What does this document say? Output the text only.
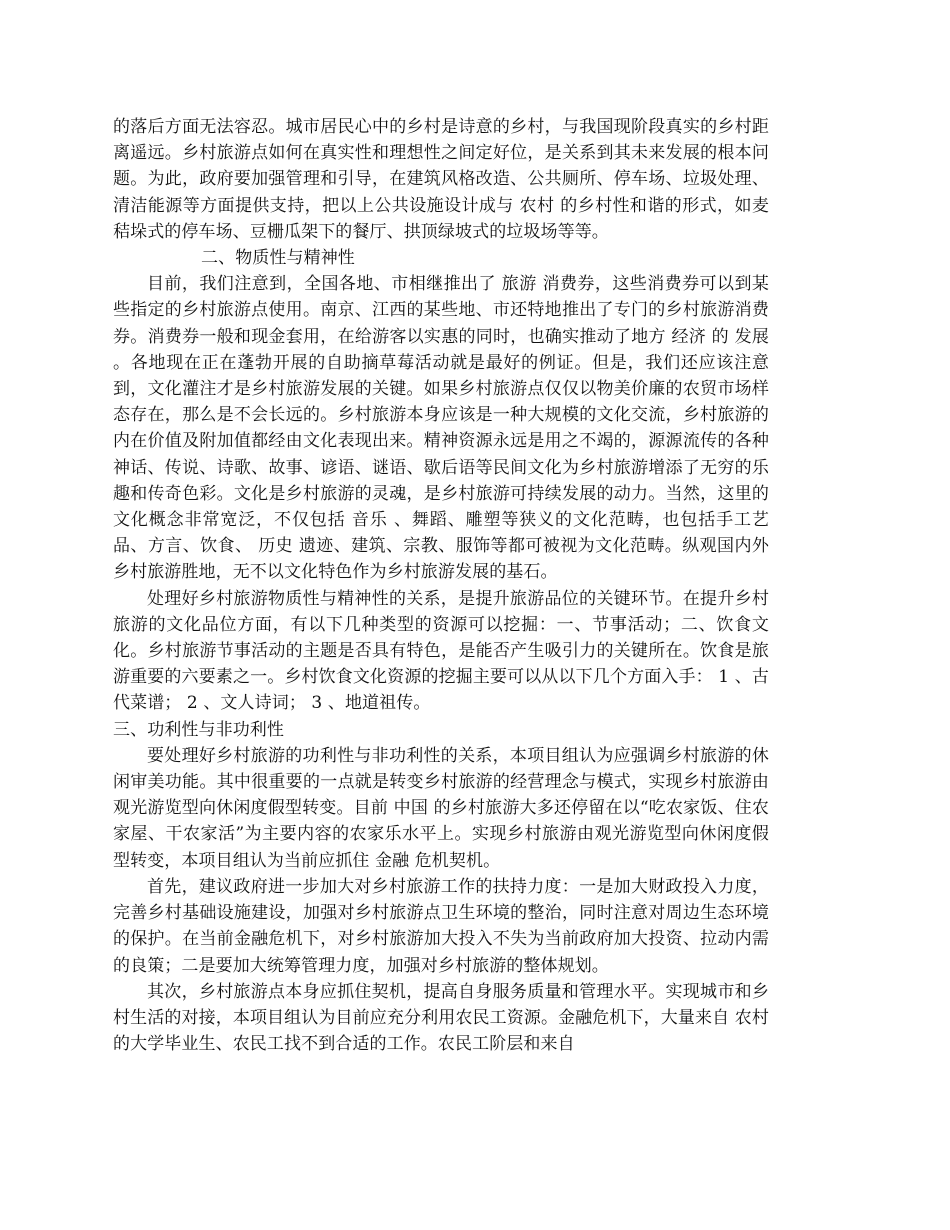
的落后方面无法容忍。城市居民心中的乡村是诗意的乡村，与我国现阶段真实的乡村距离遥远。乡村旅游点如何在真实性和理想性之间定好位，是关系到其未来发展的根本问题。为此，政府要加强管理和引导，在建筑风格改造、公共厕所、停车场、垃圾处理、清洁能源等方面提供支持，把以上公共设施设计成与 农村 的乡村性和谐的形式，如麦秸垛式的停车场、豆栅瓜架下的餐厅、拱顶绿坡式的垃圾场等等。

二、物质性与精神性

目前，我们注意到，全国各地、市相继推出了 旅游 消费券，这些消费券可以到某些指定的乡村旅游点使用。南京、江西的某些地、市还特地推出了专门的乡村旅游消费券。消费券一般和现金套用，在给游客以实惠的同时，也确实推动了地方 经济 的 发展 。各地现在正在蓬勃开展的自助摘草莓活动就是最好的例证。但是，我们还应该注意到，文化灌注才是乡村旅游发展的关键。如果乡村旅游点仅仅以物美价廉的农贸市场样态存在，那么是不会长远的。乡村旅游本身应该是一种大规模的文化交流，乡村旅游的内在价值及附加值都经由文化表现出来。精神资源永远是用之不竭的，源源流传的各种神话、传说、诗歌、故事、谚语、谜语、歇后语等民间文化为乡村旅游增添了无穷的乐趣和传奇色彩。文化是乡村旅游的灵魂，是乡村旅游可持续发展的动力。当然，这里的文化概念非常宽泛，不仅包括 音乐 、舞蹈、雕塑等狭义的文化范畴，也包括手工艺品、方言、饮食、 历史 遗迹、建筑、宗教、服饰等都可被视为文化范畴。纵观国内外乡村旅游胜地，无不以文化特色作为乡村旅游发展的基石。

处理好乡村旅游物质性与精神性的关系，是提升旅游品位的关键环节。在提升乡村旅游的文化品位方面，有以下几种类型的资源可以挖掘：一、节事活动；二、饮食文化。乡村旅游节事活动的主题是否具有特色，是能否产生吸引力的关键所在。饮食是旅游重要的六要素之一。乡村饮食文化资源的挖掘主要可以从以下几个方面入手： 1 、古代菜谱； 2 、文人诗词； 3 、地道祖传。

三、功利性与非功利性

要处理好乡村旅游的功利性与非功利性的关系，本项目组认为应强调乡村旅游的休闲审美功能。其中很重要的一点就是转变乡村旅游的经营理念与模式，实现乡村旅游由观光游览型向休闲度假型转变。目前 中国 的乡村旅游大多还停留在以“吃农家饭、住农家屋、干农家活”为主要内容的农家乐水平上。实现乡村旅游由观光游览型向休闲度假型转变，本项目组认为当前应抓住 金融 危机契机。

首先，建议政府进一步加大对乡村旅游工作的扶持力度：一是加大财政投入力度，完善乡村基础设施建设，加强对乡村旅游点卫生环境的整治，同时注意对周边生态环境的保护。在当前金融危机下，对乡村旅游加大投入不失为当前政府加大投资、拉动内需的良策；二是要加大统筹管理力度，加强对乡村旅游的整体规划。

其次，乡村旅游点本身应抓住契机，提高自身服务质量和管理水平。实现城市和乡村生活的对接，本项目组认为目前应充分利用农民工资源。金融危机下，大量来自 农村 的大学毕业生、农民工找不到合适的工作。农民工阶层和来自
